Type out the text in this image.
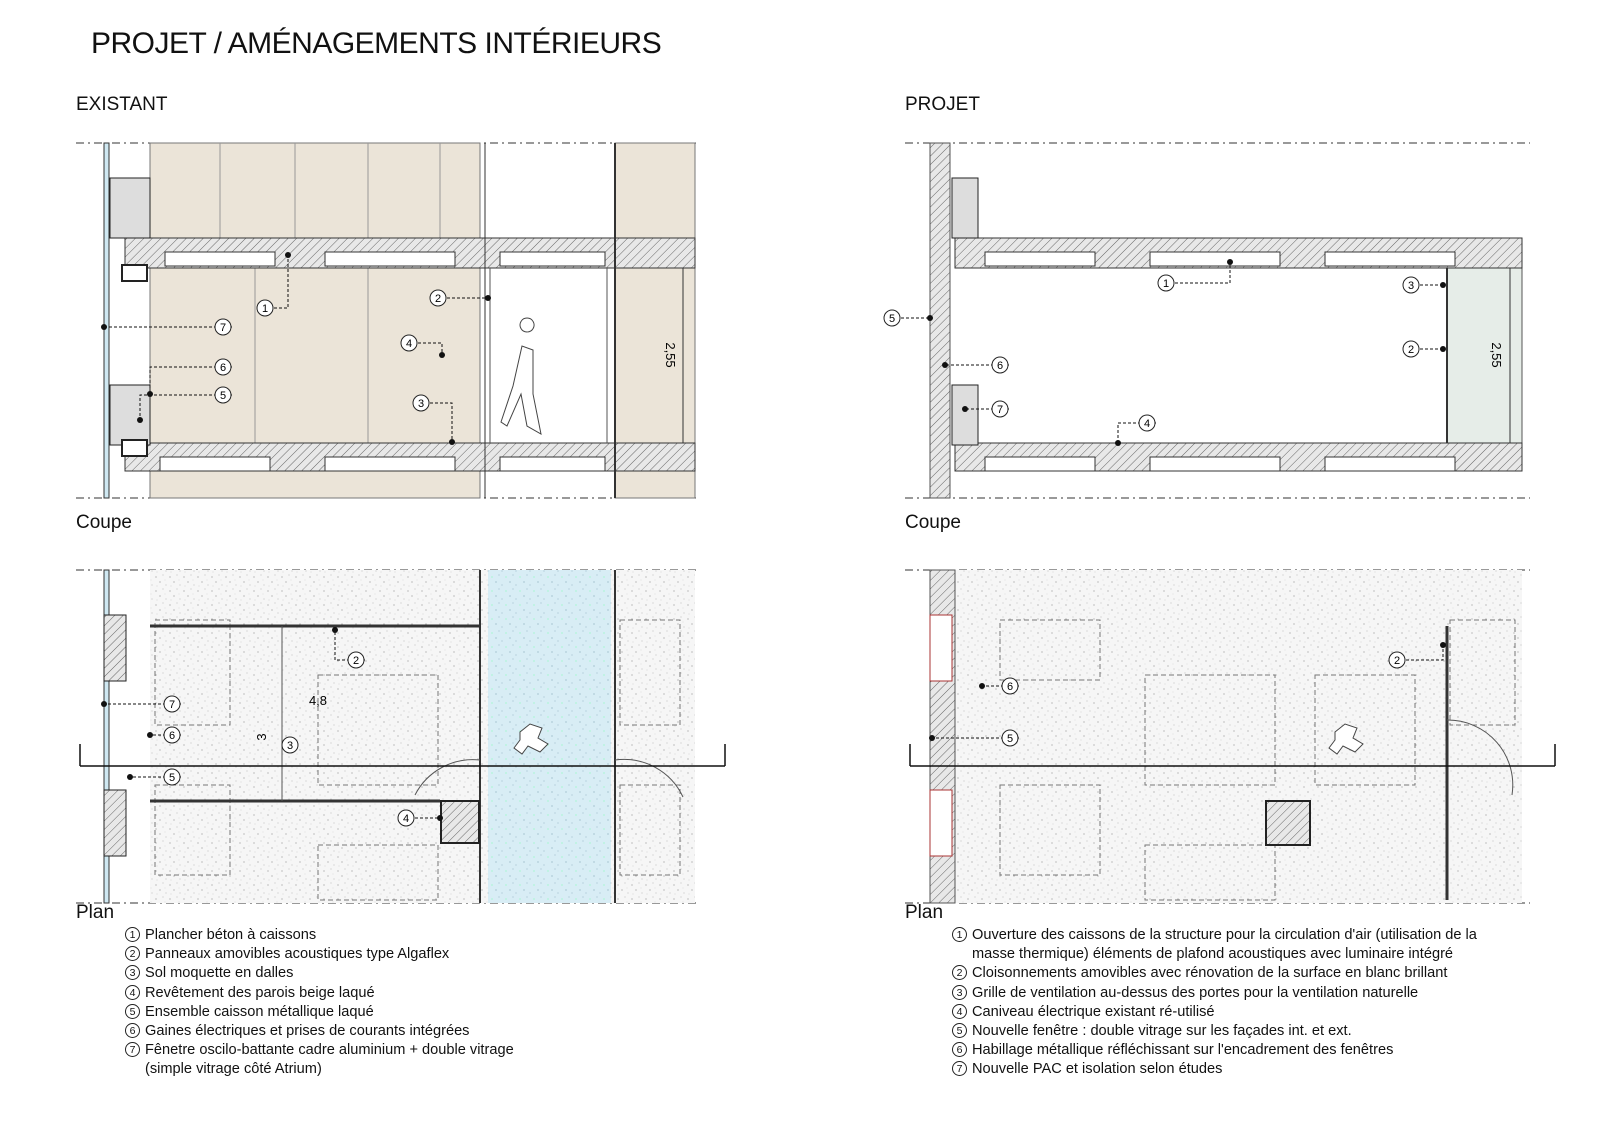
PROJET / AMÉNAGEMENTS INTÉRIEURS
EXISTANT	PROJET
2,55
4,8
3
2,55
1
2
4
3
7
6
5
2
7
6
3
5
4
1	3
2
5
6
7
4
2
6
5
Coupe	Coupe
Plan	Plan
1 Plancher béton à caissons
2 Panneaux amovibles acoustiques type Algaflex
3 Sol moquette en dalles
4 Revêtement des parois beige laqué
5 Ensemble caisson métallique laqué
6 Gaines électriques et prises de courants intégrées
7 Fênetre oscilo-battante cadre aluminium + double vitrage
(simple vitrage côté Atrium)
1 Ouverture des caissons de la structure pour la circulation d'air (utilisation de la
masse thermique) éléments de plafond acoustiques avec luminaire intégré
2 Cloisonnements amovibles avec rénovation de la surface en blanc brillant
3 Grille de ventilation au-dessus des portes pour la ventilation naturelle
4 Caniveau électrique existant ré-utilisé
5 Nouvelle fenêtre : double vitrage sur les façades int. et ext.
6 Habillage métallique réfléchissant sur l'encadrement des fenêtres
7 Nouvelle PAC et isolation selon études
